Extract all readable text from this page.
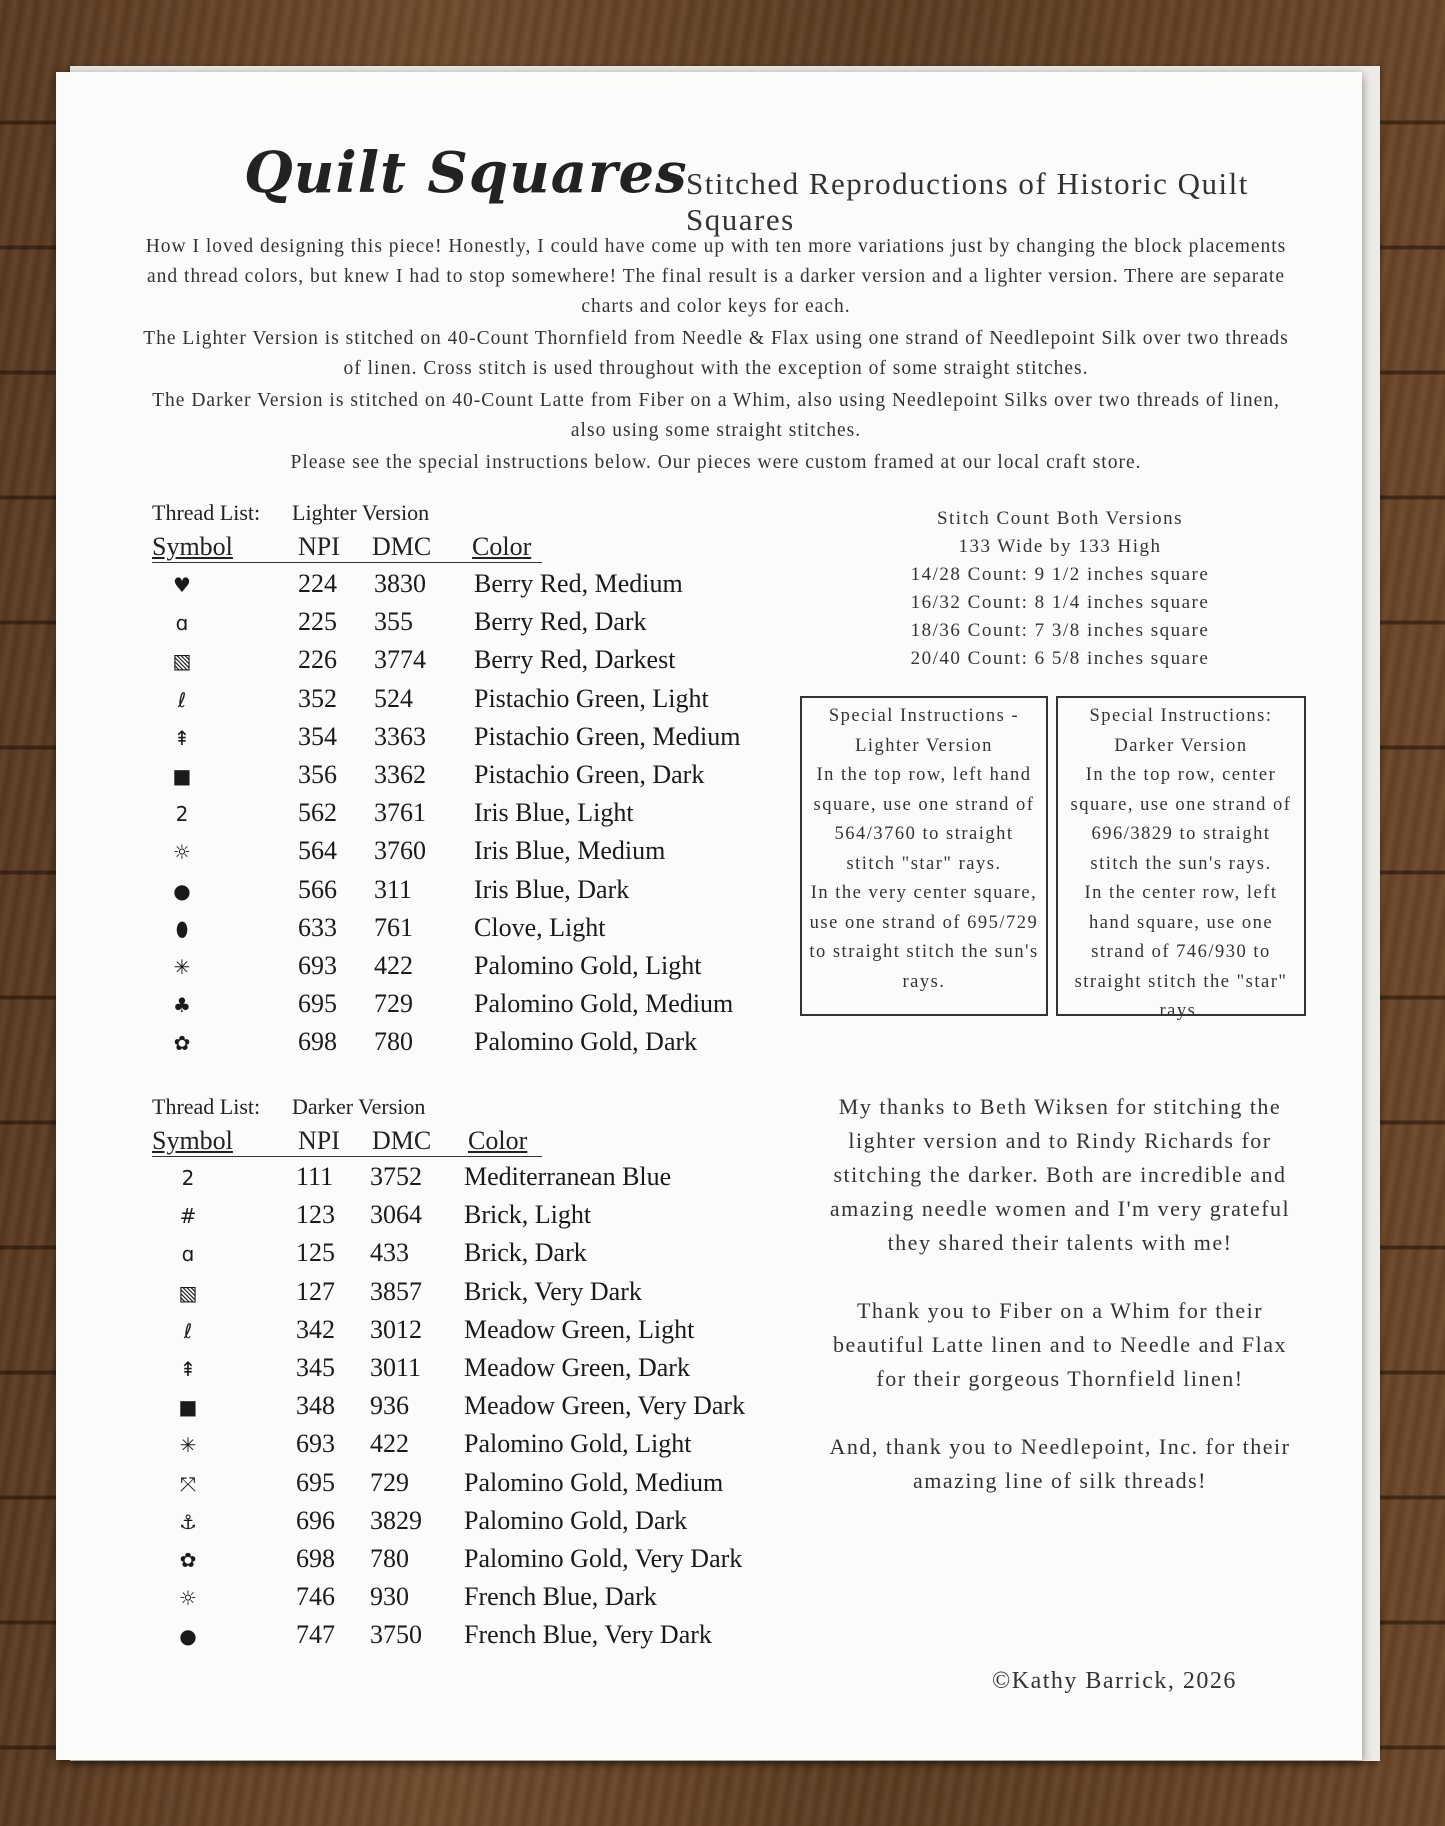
Quilt Squares
Stitched Reproductions of Historic Quilt Squares

How I loved designing this piece! Honestly, I could have come up with ten more variations just by changing the block placements and thread colors, but knew I had to stop somewhere! The final result is a darker version and a lighter version. There are separate charts and color keys for each.

The Lighter Version is stitched on 40-Count Thornfield from Needle & Flax using one strand of Needlepoint Silk over two threads of linen. Cross stitch is used throughout with the exception of some straight stitches.

The Darker Version is stitched on 40-Count Latte from Fiber on a Whim, also using Needlepoint Silks over two threads of linen, also using some straight stitches.

Please see the special instructions below. Our pieces were custom framed at our local craft store.

Thread List: Lighter Version
Symbol	NPI DMC Color
♥	224 3830 Berry Red, Medium
ɑ	225 355 Berry Red, Dark
▧	226 3774 Berry Red, Darkest
ℓ	352 524 Pistachio Green, Light
⇞	354 3363 Pistachio Green, Medium
■	356 3362 Pistachio Green, Dark
2	562 3761 Iris Blue, Light
☼	564 3760 Iris Blue, Medium
●	566 311 Iris Blue, Dark
⬮	633 761 Clove, Light
✳	693 422 Palomino Gold, Light
♣	695 729 Palomino Gold, Medium
✿	698 780 Palomino Gold, Dark
Thread List: Darker Version
Symbol	NPI DMC Color
2	111 3752 Mediterranean Blue
#	123 3064 Brick, Light
ɑ	125 433 Brick, Dark
▧	127 3857 Brick, Very Dark
ℓ	342 3012 Meadow Green, Light
⇞	345 3011 Meadow Green, Dark
■	348 936 Meadow Green, Very Dark
✳	693 422 Palomino Gold, Light
⤧	695 729 Palomino Gold, Medium
⚓	696 3829 Palomino Gold, Dark
✿	698 780 Palomino Gold, Very Dark
☼	746 930 French Blue, Dark
●	747 3750 French Blue, Very Dark
Stitch Count Both Versions
133 Wide by 133 High
14/28 Count: 9 1/2 inches square
16/32 Count: 8 1/4 inches square
18/36 Count: 7 3/8 inches square
20/40 Count: 6 5/8 inches square

Special Instructions - Lighter Version

In the top row, left hand square, use one strand of 564/3760 to straight stitch "star" rays.

In the very center square, use one strand of 695/729 to straight stitch the sun's rays.

Special Instructions: Darker Version

In the top row, center square, use one strand of 696/3829 to straight stitch the sun's rays.

In the center row, left hand square, use one strand of 746/930 to straight stitch the "star" rays.

My thanks to Beth Wiksen for stitching the lighter version and to Rindy Richards for stitching the darker. Both are incredible and amazing needle women and I'm very grateful they shared their talents with me!

Thank you to Fiber on a Whim for their beautiful Latte linen and to Needle and Flax for their gorgeous Thornfield linen!

And, thank you to Needlepoint, Inc. for their amazing line of silk threads!

©Kathy Barrick, 2026
